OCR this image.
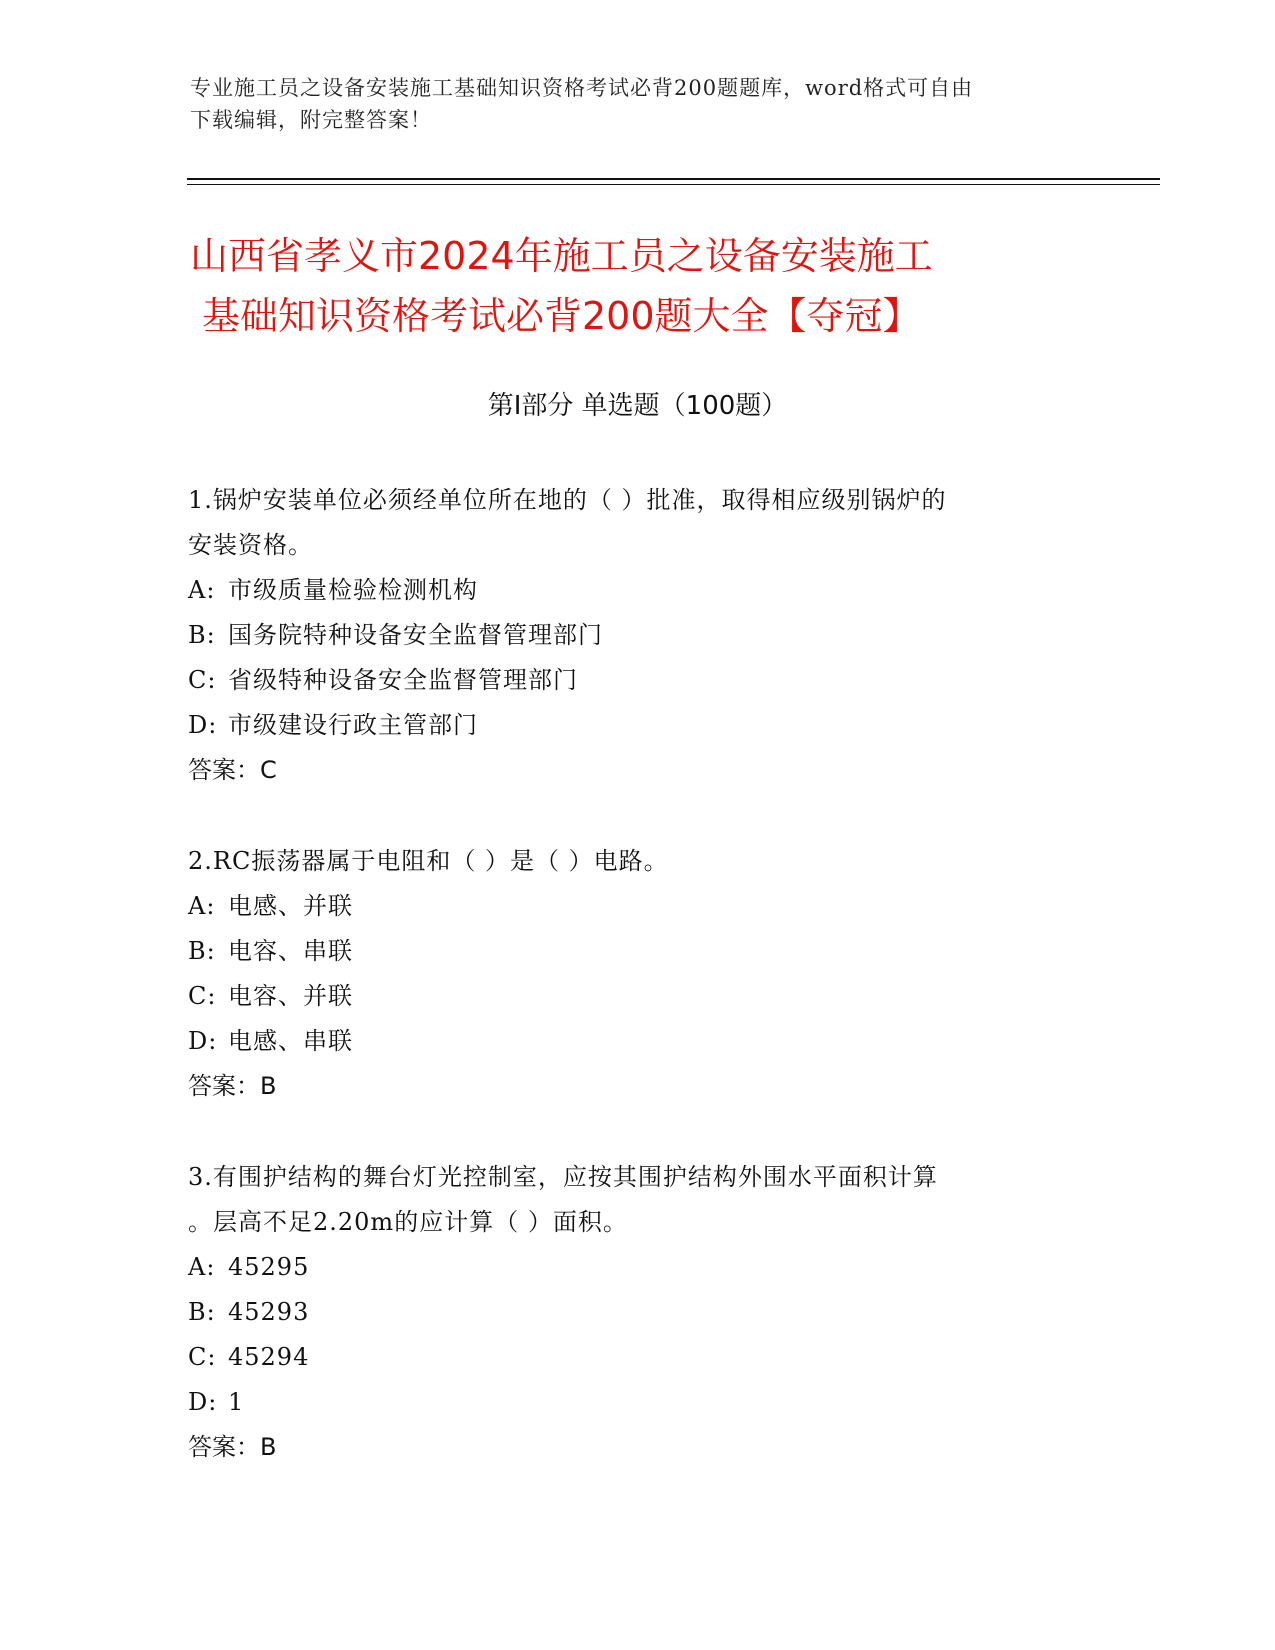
专业施工员之设备安装施工基础知识资格考试必背200题题库，word格式可自由
下载编辑，附完整答案！
山西省孝义市2024年施工员之设备安装施工
基础知识资格考试必背200题大全【夺冠】
第Ⅰ部分 单选题（100题）

1.锅炉安装单位必须经单位所在地的（ ）批准，取得相应级别锅炉的

安装资格。

A: 市级质量检验检测机构

B: 国务院特种设备安全监督管理部门

C: 省级特种设备安全监督管理部门

D: 市级建设行政主管部门

答案：C

2.RC振荡器属于电阻和（ ）是（ ）电路。

A: 电感、并联

B: 电容、串联

C: 电容、并联

D: 电感、串联

答案：B

3.有围护结构的舞台灯光控制室，应按其围护结构外围水平面积计算

。层高不足2.20m的应计算（ ）面积。

A: 45295

B: 45293

C: 45294

D: 1

答案：B
